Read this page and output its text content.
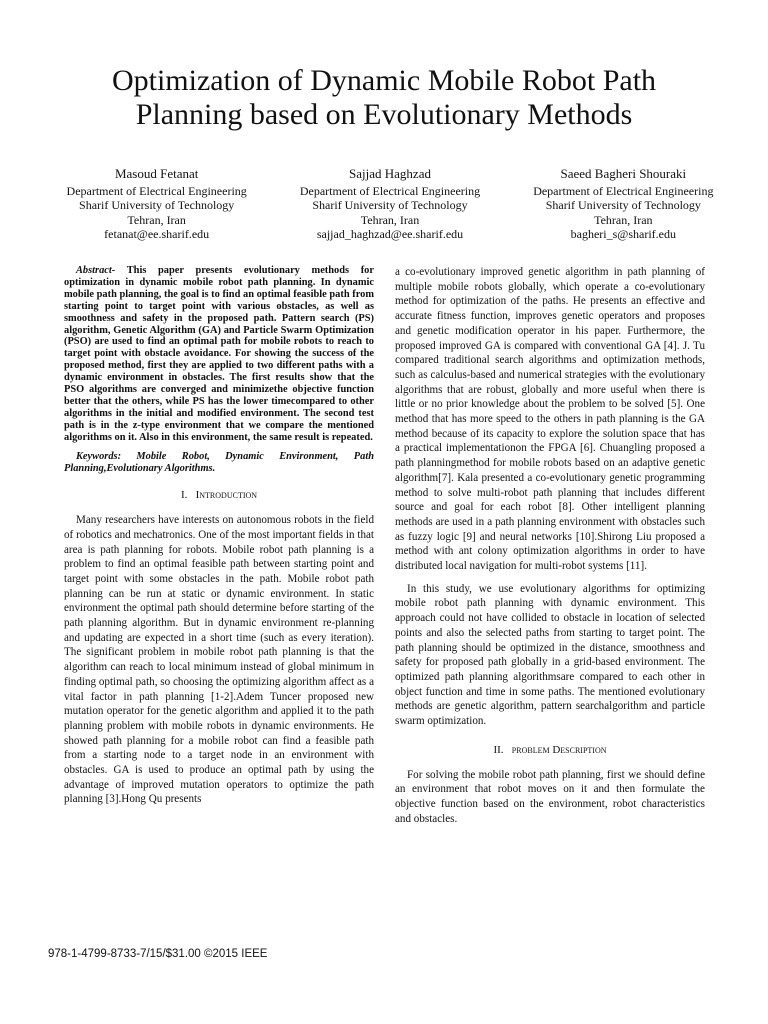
Optimization of Dynamic Mobile Robot Path Planning based on Evolutionary Methods
Masoud Fetanat
Department of Electrical Engineering
Sharif University of Technology
Tehran, Iran
fetanat@ee.sharif.edu
Sajjad Haghzad
Department of Electrical Engineering
Sharif University of Technology
Tehran, Iran
sajjad_haghzad@ee.sharif.edu
Saeed Bagheri Shouraki
Department of Electrical Engineering
Sharif University of Technology
Tehran, Iran
bagheri_s@sharif.edu

Abstract- This paper presents evolutionary methods for optimization in dynamic mobile robot path planning. In dynamic mobile path planning, the goal is to find an optimal feasible path from starting point to target point with various obstacles, as well as smoothness and safety in the proposed path. Pattern search (PS) algorithm, Genetic Algorithm (GA) and Particle Swarm Optimization (PSO) are used to find an optimal path for mobile robots to reach to target point with obstacle avoidance. For showing the success of the proposed method, first they are applied to two different paths with a dynamic environment in obstacles. The first results show that the PSO algorithms are converged and minimizethe objective function better that the others, while PS has the lower timecompared to other algorithms in the initial and modified environment. The second test path is in the z-type environment that we compare the mentioned algorithms on it. Also in this environment, the same result is repeated.

Keywords: Mobile Robot, Dynamic Environment, Path Planning,Evolutionary Algorithms.

I. Introduction

Many researchers have interests on autonomous robots in the field of robotics and mechatronics. One of the most important fields in that area is path planning for robots. Mobile robot path planning is a problem to find an optimal feasible path between starting point and target point with some obstacles in the path. Mobile robot path planning can be run at static or dynamic environment. In static environment the optimal path should determine before starting of the path planning algorithm. But in dynamic environment re-planning and updating are expected in a short time (such as every iteration). The significant problem in mobile robot path planning is that the algorithm can reach to local minimum instead of global minimum in finding optimal path, so choosing the optimizing algorithm affect as a vital factor in path planning [1-2].Adem Tuncer proposed new mutation operator for the genetic algorithm and applied it to the path planning problem with mobile robots in dynamic environments. He showed path planning for a mobile robot can find a feasible path from a starting node to a target node in an environment with obstacles. GA is used to produce an optimal path by using the advantage of improved mutation operators to optimize the path planning [3].Hong Qu presents

a co-evolutionary improved genetic algorithm in path planning of multiple mobile robots globally, which operate a co-evolutionary method for optimization of the paths. He presents an effective and accurate fitness function, improves genetic operators and proposes and genetic modification operator in his paper. Furthermore, the proposed improved GA is compared with conventional GA [4]. J. Tu compared traditional search algorithms and optimization methods, such as calculus-based and numerical strategies with the evolutionary algorithms that are robust, globally and more useful when there is little or no prior knowledge about the problem to be solved [5]. One method that has more speed to the others in path planning is the GA method because of its capacity to explore the solution space that has a practical implementationon the FPGA [6]. Chuangling proposed a path planningmethod for mobile robots based on an adaptive genetic algorithm[7]. Kala presented a co-evolutionary genetic programming method to solve multi-robot path planning that includes different source and goal for each robot [8]. Other intelligent planning methods are used in a path planning environment with obstacles such as fuzzy logic [9] and neural networks [10].Shirong Liu proposed a method with ant colony optimization algorithms in order to have distributed local navigation for multi-robot systems [11].

In this study, we use evolutionary algorithms for optimizing mobile robot path planning with dynamic environment. This approach could not have collided to obstacle in location of selected points and also the selected paths from starting to target point. The path planning should be optimized in the distance, smoothness and safety for proposed path globally in a grid-based environment. The optimized path planning algorithmsare compared to each other in object function and time in some paths. The mentioned evolutionary methods are genetic algorithm, pattern searchalgorithm and particle swarm optimization.

II. problem Description

For solving the mobile robot path planning, first we should define an environment that robot moves on it and then formulate the objective function based on the environment, robot characteristics and obstacles.

978-1-4799-8733-7/15/$31.00 ©2015 IEEE
